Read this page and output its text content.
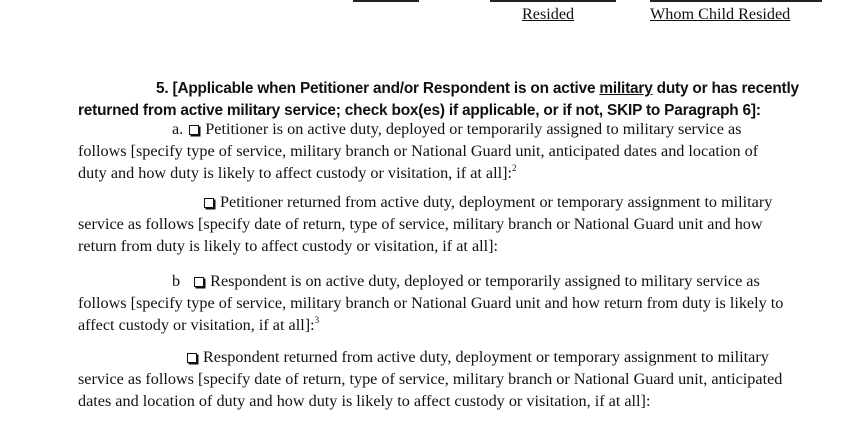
Resided	Whom Child Resided
5. [Applicable when Petitioner and/or Respondent is on active military duty or has recently
returned from active military service; check box(es) if applicable, or if not, SKIP to Paragraph 6]:
a. Petitioner is on active duty, deployed or temporarily assigned to military service as
follows [specify type of service, military branch or National Guard unit, anticipated dates and location of
duty and how duty is likely to affect custody or visitation, if at all]:$^2$
Petitioner returned from active duty, deployment or temporary assignment to military
service as follows [specify date of return, type of service, military branch or National Guard unit and how
return from duty is likely to affect custody or visitation, if at all]:
b Respondent is on active duty, deployed or temporarily assigned to military service as
follows [specify type of service, military branch or National Guard unit and how return from duty is likely to
affect custody or visitation, if at all]:$^3$
Respondent returned from active duty, deployment or temporary assignment to military
service as follows [specify date of return, type of service, military branch or National Guard unit, anticipated
dates and location of duty and how duty is likely to affect custody or visitation, if at all]:
